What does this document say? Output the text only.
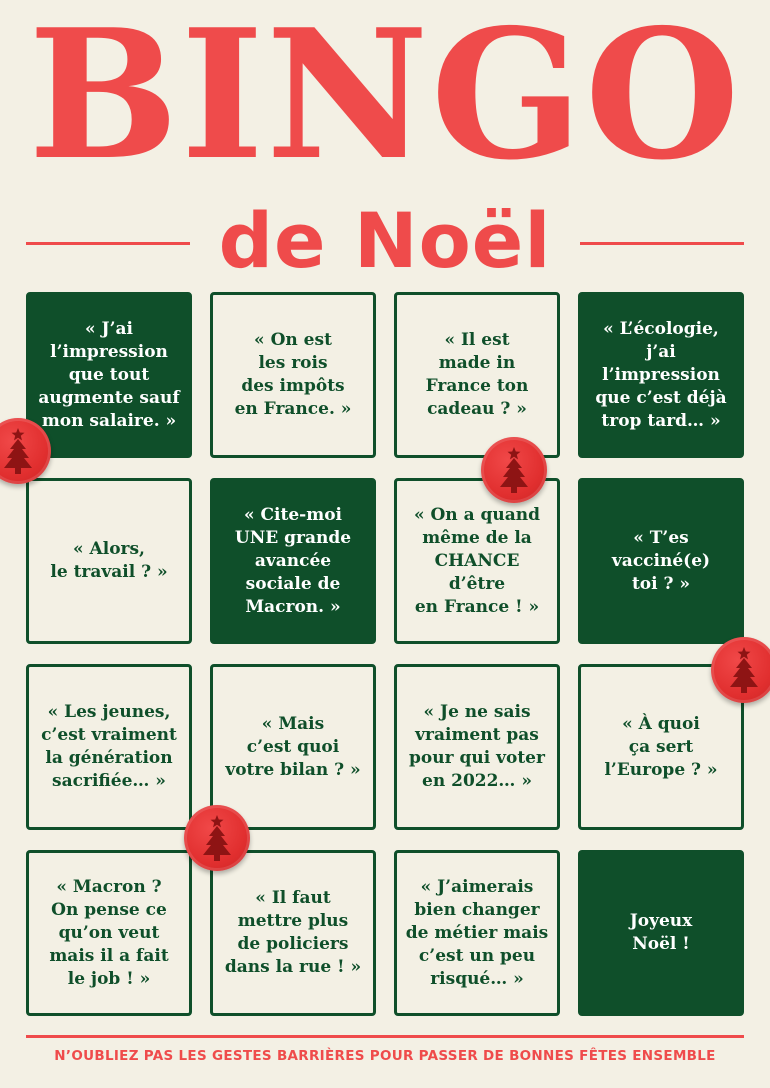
BINGO
de Noël
« J’ai
l’impression
que tout
augmente sauf
mon salaire. »
« On est
les rois
des impôts
en France. »
« Il est
made in
France ton
cadeau ? »
« L’écologie,
j’ai
l’impression
que c’est déjà
trop tard… »
« Alors,
le travail ? »
« Cite-moi
UNE grande
avancée
sociale de
Macron. »
« On a quand
même de la
CHANCE d’être
en France ! »
« T’es
vacciné(e)
toi ? »
« Les jeunes,
c’est vraiment
la génération
sacrifiée… »
« Mais
c’est quoi
votre bilan ? »
« Je ne sais
vraiment pas
pour qui voter
en 2022… »
« À quoi
ça sert
l’Europe ? »
« Macron ?
On pense ce
qu’on veut
mais il a fait
le job ! »
« Il faut
mettre plus
de policiers
dans la rue ! »
« J’aimerais
bien changer
de métier mais
c’est un peu
risqué… »
Joyeux
Noël !
N’OUBLIEZ PAS LES GESTES BARRIÈRES POUR PASSER DE BONNES FÊTES ENSEMBLE
